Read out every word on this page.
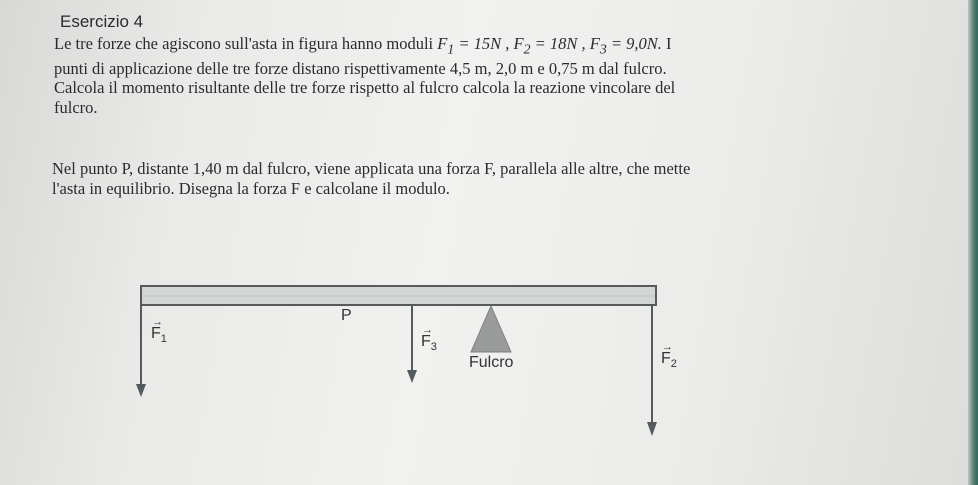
Esercizio 4
Le tre forze che agiscono sull'asta in figura hanno moduli $F_1 = 15N$ , $F_2 = 18N$ , $F_3 = 9,0N$. I
punti di applicazione delle tre forze distano rispettivamente 4,5 m, 2,0 m e 0,75 m dal fulcro.
Calcola il momento risultante delle tre forze rispetto al fulcro calcola la reazione vincolare del
fulcro.
Nel punto P, distante 1,40 m dal fulcro, viene applicata una forza F, parallela alle altre, che mette
l'asta in equilibrio. Disegna la forza F e calcolane il modulo.
P
Fulcro
→
$F_1$
→
$F_3$	→
$F_2$
